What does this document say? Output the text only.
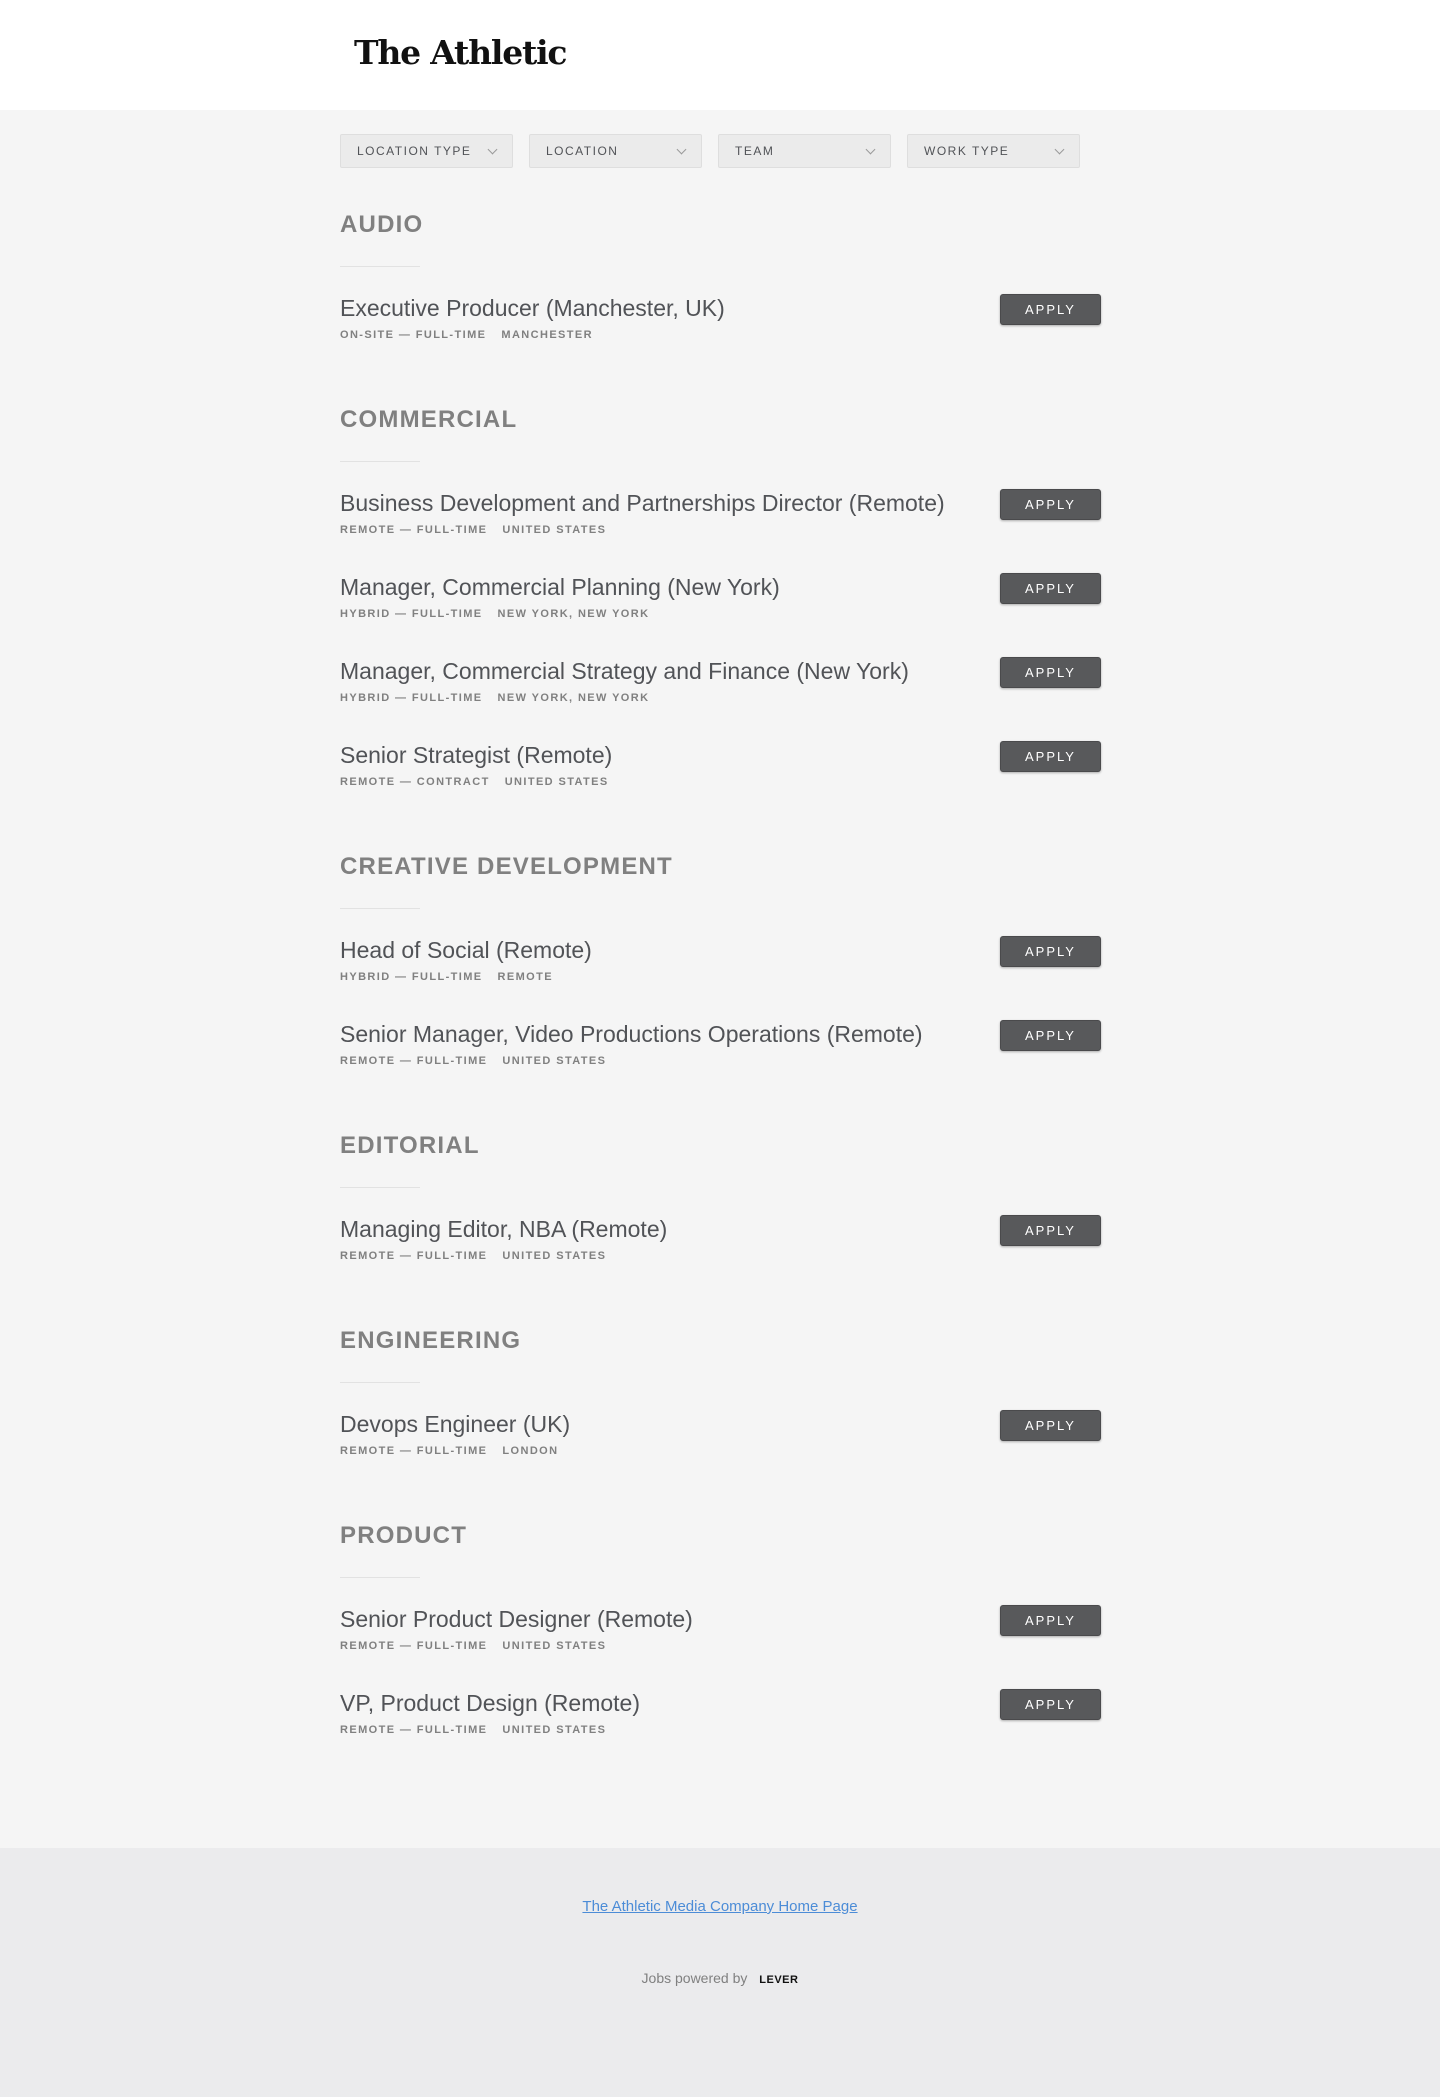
The Athletic
LOCATION TYPE	LOCATION	TEAM	WORK TYPE
AUDIO
Executive Producer (Manchester, UK)
ON-SITE — FULL-TIME MANCHESTER
APPLY
COMMERCIAL
Business Development and Partnerships Director (Remote)
REMOTE — FULL-TIME UNITED STATES
APPLY
Manager, Commercial Planning (New York)
HYBRID — FULL-TIME NEW YORK, NEW YORK
APPLY
Manager, Commercial Strategy and Finance (New York)
HYBRID — FULL-TIME NEW YORK, NEW YORK
APPLY
Senior Strategist (Remote)
REMOTE — CONTRACT UNITED STATES
APPLY
CREATIVE DEVELOPMENT
Head of Social (Remote)
HYBRID — FULL-TIME REMOTE
APPLY
Senior Manager, Video Productions Operations (Remote)
REMOTE — FULL-TIME UNITED STATES
APPLY
EDITORIAL
Managing Editor, NBA (Remote)
REMOTE — FULL-TIME UNITED STATES
APPLY
ENGINEERING
Devops Engineer (UK)
REMOTE — FULL-TIME LONDON
APPLY
PRODUCT
Senior Product Designer (Remote)
REMOTE — FULL-TIME UNITED STATES
APPLY
VP, Product Design (Remote)
REMOTE — FULL-TIME UNITED STATES
APPLY
The Athletic Media Company Home Page
Jobs powered by LEVER
